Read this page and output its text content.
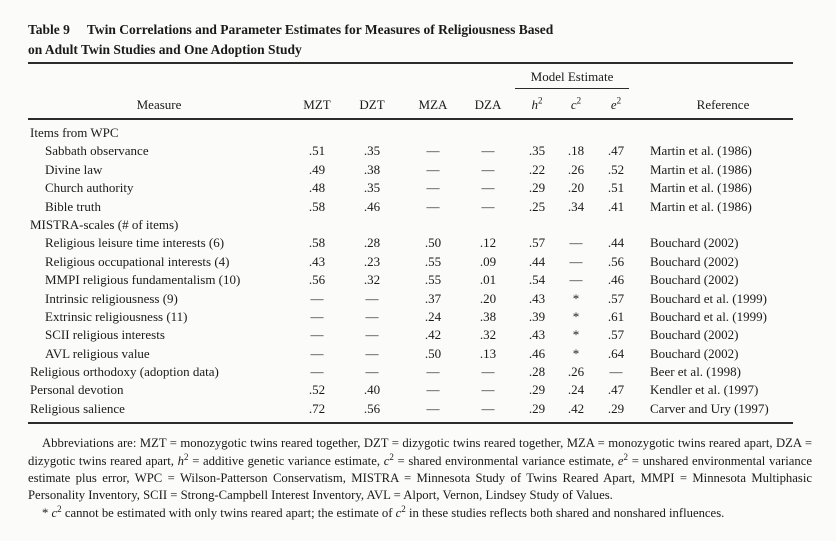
Table 9 Twin Correlations and Parameter Estimates for Measures of Religiousness Based
on Adult Twin Studies and One Adoption Study
Model Estimate
Measure	MZT	DZT	MZA	DZA	$h^2$	$c^2$	$e^2$	Reference
Items from WPC
Sabbath observance	.51	.35	—	—	.35	.18	.47	Martin et al. (1986)
Divine law	.49	.38	—	—	.22	.26	.52	Martin et al. (1986)
Church authority	.48	.35	—	—	.29	.20	.51	Martin et al. (1986)
Bible truth	.58	.46	—	—	.25	.34	.41	Martin et al. (1986)
MISTRA-scales (# of items)
Religious leisure time interests (6)	.58	.28	.50	.12	.57	—	.44	Bouchard (2002)
Religious occupational interests (4)	.43	.23	.55	.09	.44	—	.56	Bouchard (2002)
MMPI religious fundamentalism (10)	.56	.32	.55	.01	.54	—	.46	Bouchard (2002)
Intrinsic religiousness (9)	—	—	.37	.20	.43	*	.57	Bouchard et al. (1999)
Extrinsic religiousness (11)	—	—	.24	.38	.39	*	.61	Bouchard et al. (1999)
SCII religious interests	—	—	.42	.32	.43	*	.57	Bouchard (2002)
AVL religious value	—	—	.50	.13	.46	*	.64	Bouchard (2002)
Religious orthodoxy (adoption data)	—	—	—	—	.28	.26	—	Beer et al. (1998)
Personal devotion	.52	.40	—	—	.29	.24	.47	Kendler et al. (1997)
Religious salience	.72	.56	—	—	.29	.42	.29	Carver and Ury (1997)

Abbreviations are: MZT = monozygotic twins reared together, DZT = dizygotic twins reared together, MZA = monozygotic twins reared apart, DZA = dizygotic twins reared apart, $h^2$ = additive genetic variance estimate, $c^2$ = shared environmental variance estimate, $e^2$ = unshared environmental variance estimate plus error, WPC = Wilson-Patterson Conservatism, MISTRA = Minnesota Study of Twins Reared Apart, MMPI = Minnesota Multiphasic Personality Inventory, SCII = Strong-Campbell Interest Inventory, AVL = Alport, Vernon, Lindsey Study of Values.

* $c^2$ cannot be estimated with only twins reared apart; the estimate of $c^2$ in these studies reflects both shared and nonshared influences.
